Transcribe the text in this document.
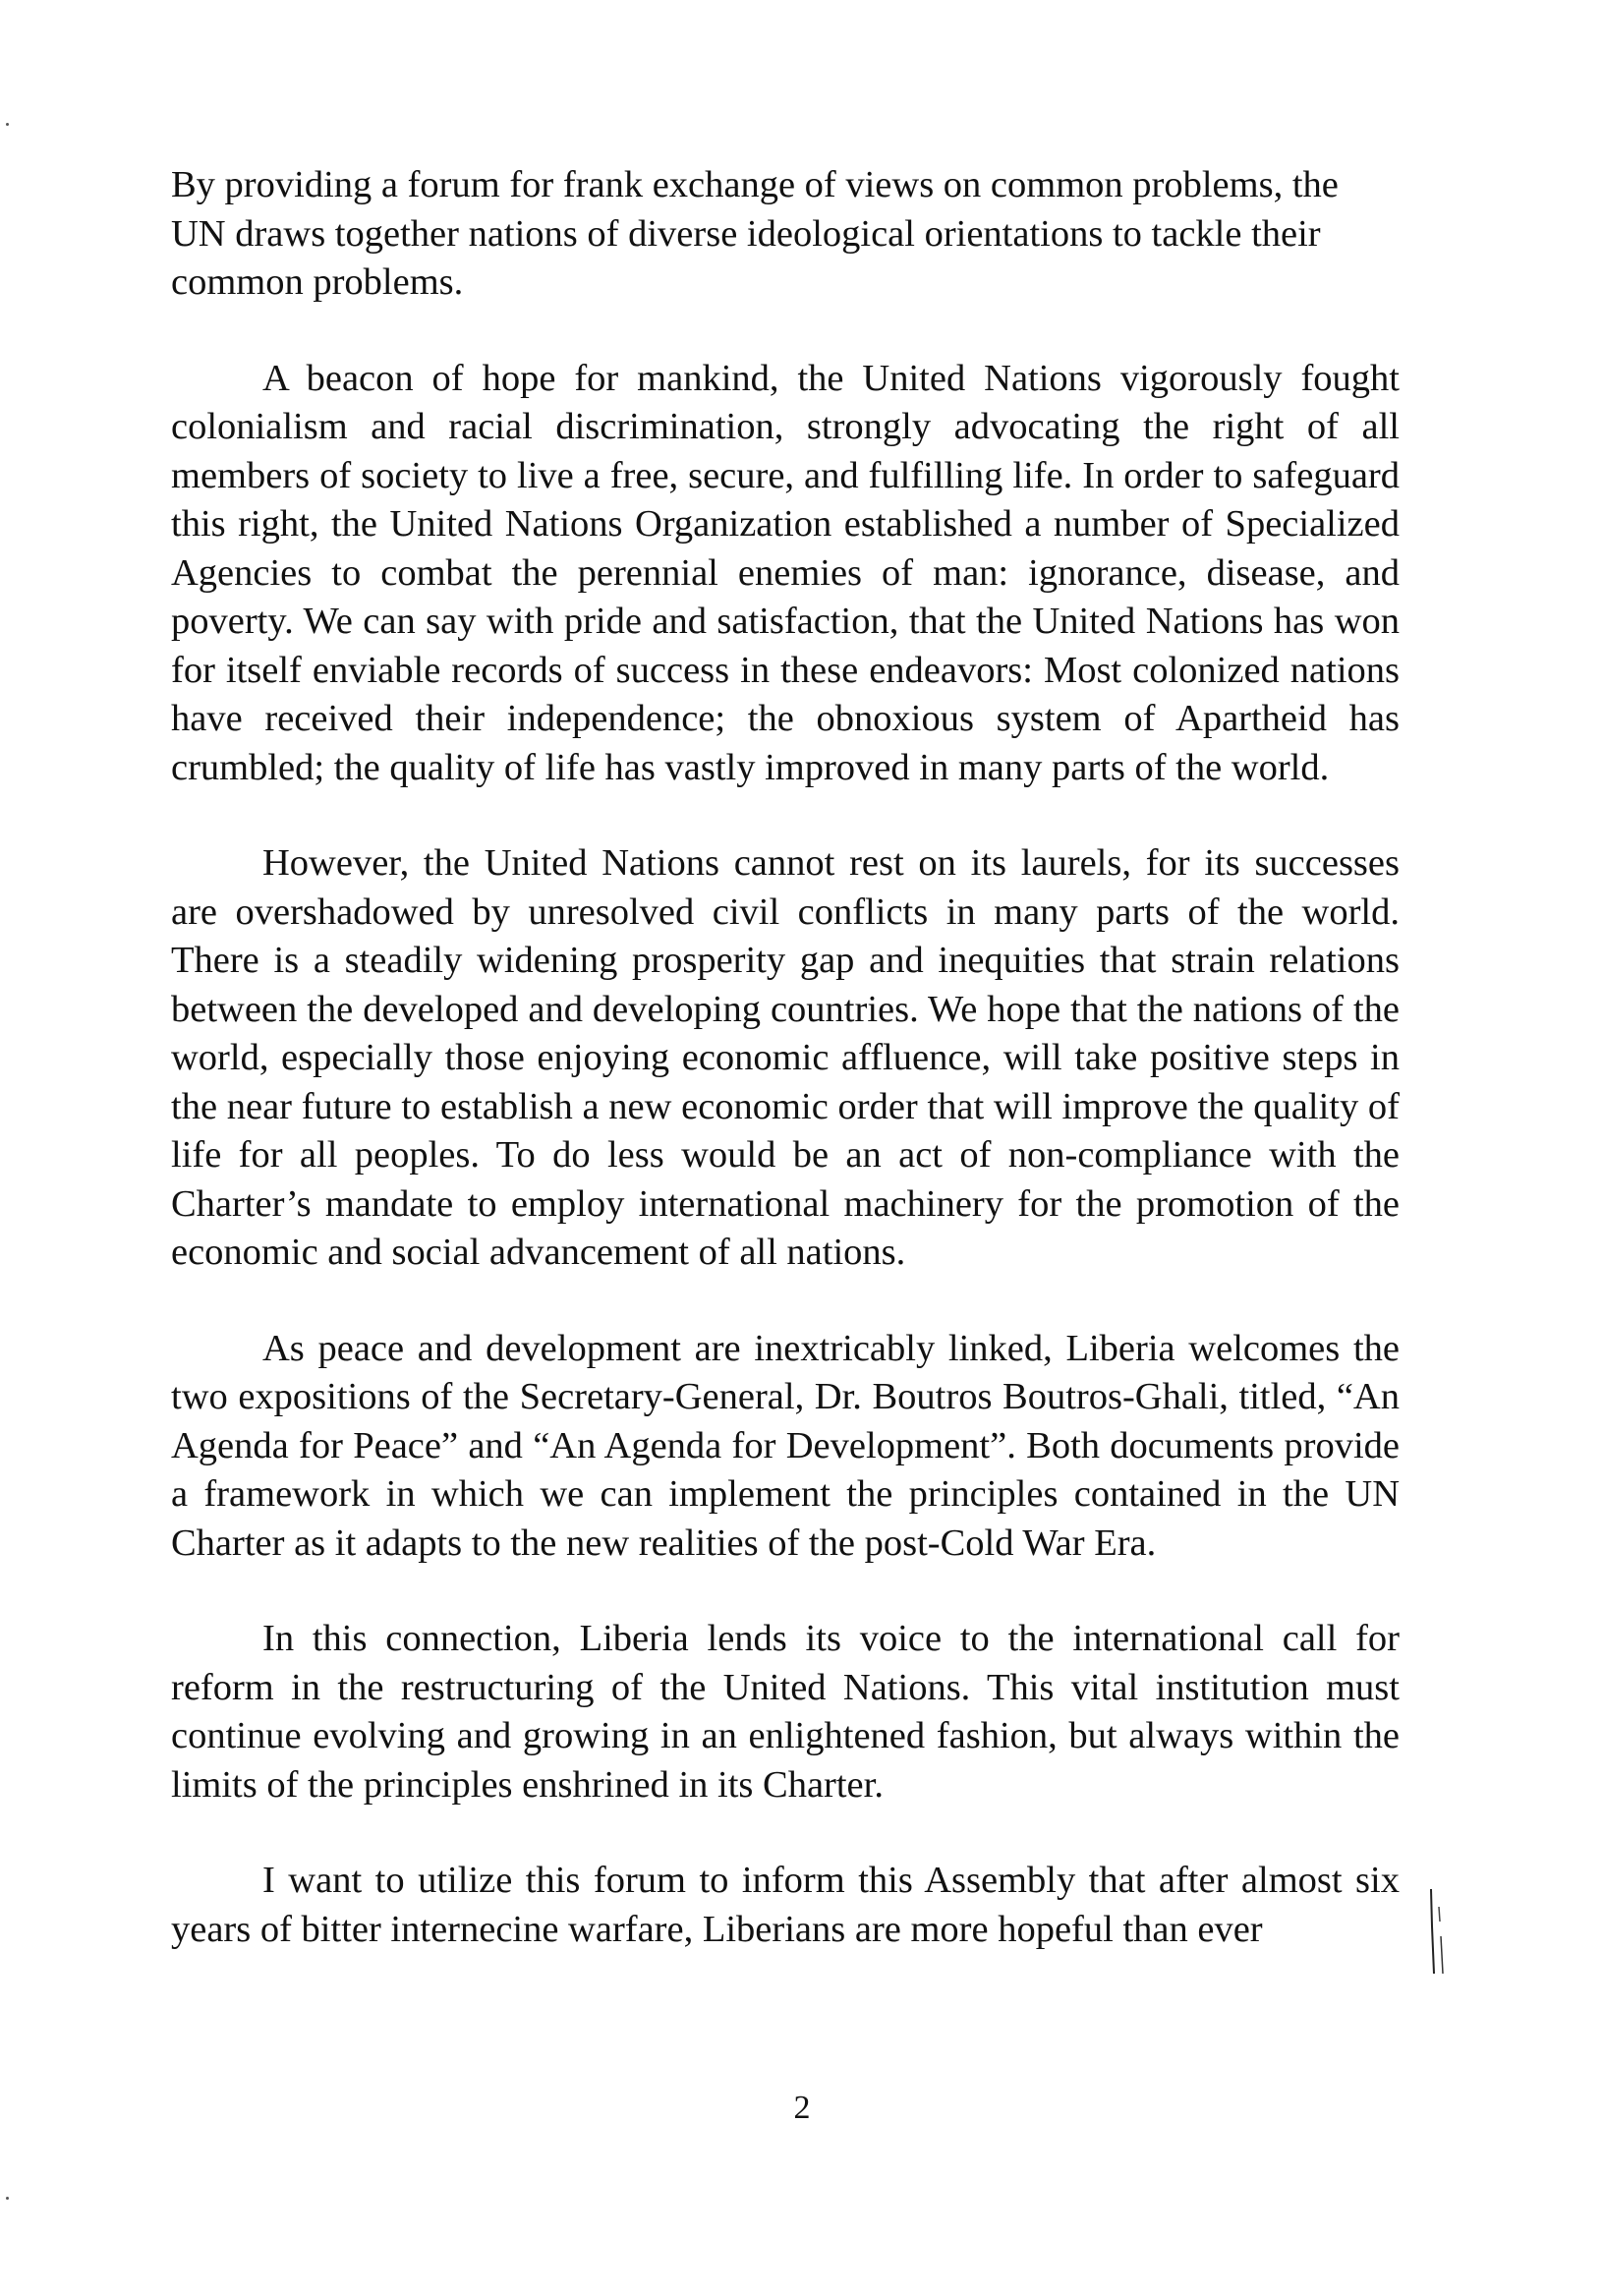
By providing a forum for frank exchange of views on common problems, the UN draws together nations of diverse ideological orientations to tackle their common problems.

A beacon of hope for mankind, the United Nations vigorously fought colonialism and racial discrimination, strongly advocating the right of all members of society to live a free, secure, and fulfilling life. In order to safeguard this right, the United Nations Organization established a number of Specialized Agencies to combat the perennial enemies of man: ignorance, disease, and poverty. We can say with pride and satisfaction, that the United Nations has won for itself enviable records of success in these endeavors: Most colonized nations have received their independence; the obnoxious system of Apartheid has crumbled; the quality of life has vastly improved in many parts of the world.

However, the United Nations cannot rest on its laurels, for its successes are overshadowed by unresolved civil conflicts in many parts of the world. There is a steadily widening prosperity gap and inequities that strain relations between the developed and developing countries. We hope that the nations of the world, especially those enjoying economic affluence, will take positive steps in the near future to establish a new economic order that will improve the quality of life for all peoples. To do less would be an act of non-compliance with the Charter’s mandate to employ international machinery for the promotion of the economic and social advancement of all nations.

As peace and development are inextricably linked, Liberia welcomes the two expositions of the Secretary-General, Dr. Boutros Boutros-Ghali, titled, “An Agenda for Peace” and “An Agenda for Development”. Both documents provide a framework in which we can implement the principles contained in the UN Charter as it adapts to the new realities of the post-Cold War Era.

In this connection, Liberia lends its voice to the international call for reform in the restructuring of the United Nations. This vital institution must continue evolving and growing in an enlightened fashion, but always within the limits of the principles enshrined in its Charter.

I want to utilize this forum to inform this Assembly that after almost six years of bitter internecine warfare, Liberians are more hopeful than ever

2
